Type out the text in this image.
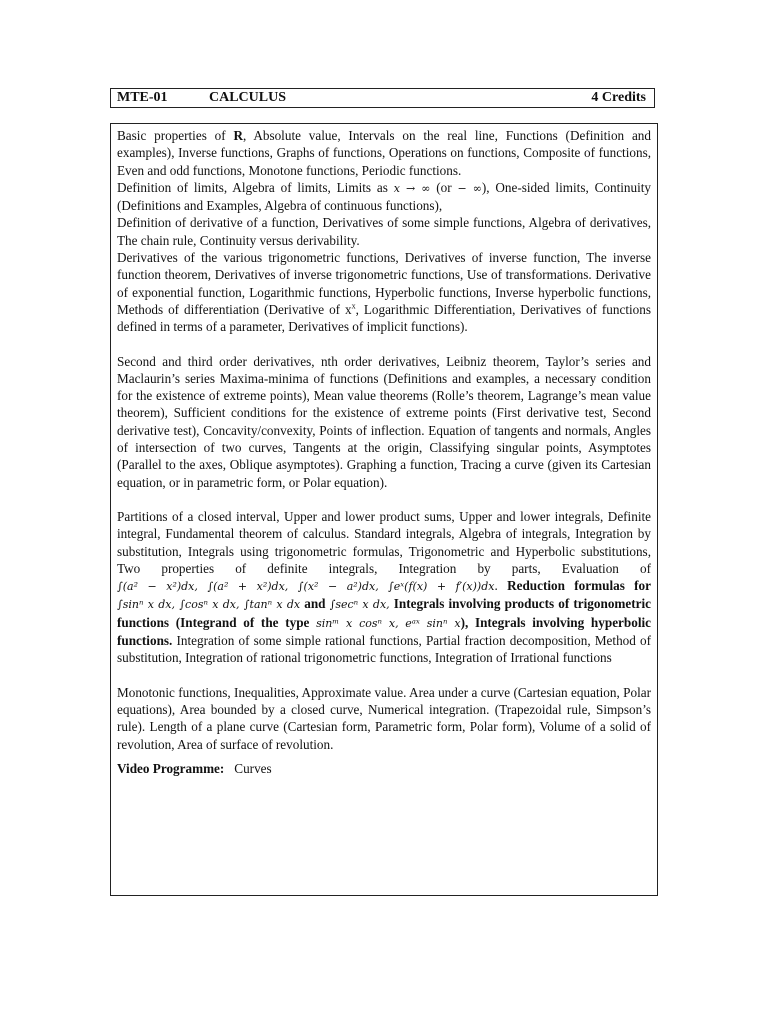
MTE-01	CALCULUS	4 Credits

Basic properties of R, Absolute value, Intervals on the real line, Functions (Definition and examples), Inverse functions, Graphs of functions, Operations on functions, Composite of functions, Even and odd functions, Monotone functions, Periodic functions.

Definition of limits, Algebra of limits, Limits as x → ∞ (or − ∞), One-sided limits, Continuity (Definitions and Examples, Algebra of continuous functions),

Definition of derivative of a function, Derivatives of some simple functions, Algebra of derivatives, The chain rule, Continuity versus derivability.

Derivatives of the various trigonometric functions, Derivatives of inverse function, The inverse function theorem, Derivatives of inverse trigonometric functions, Use of transformations. Derivative of exponential function, Logarithmic functions, Hyperbolic functions, Inverse hyperbolic functions, Methods of differentiation (Derivative of $x^x$, Logarithmic Differentiation, Derivatives of functions defined in terms of a parameter, Derivatives of implicit functions).

Second and third order derivatives, nth order derivatives, Leibniz theorem, Taylor’s series and Maclaurin’s series Maxima-minima of functions (Definitions and examples, a necessary condition for the existence of extreme points), Mean value theorems (Rolle’s theorem, Lagrange’s mean value theorem), Sufficient conditions for the existence of extreme points (First derivative test, Second derivative test), Concavity/convexity, Points of inflection. Equation of tangents and normals, Angles of intersection of two curves, Tangents at the origin, Classifying singular points, Asymptotes (Parallel to the axes, Oblique asymptotes). Graphing a function, Tracing a curve (given its Cartesian equation, or in parametric form, or Polar equation).

Partitions of a closed interval, Upper and lower product sums, Upper and lower integrals, Definite integral, Fundamental theorem of calculus. Standard integrals, Algebra of integrals, Integration by substitution, Integrals using trigonometric formulas, Trigonometric and Hyperbolic substitutions, Two properties of definite integrals, Integration by parts, Evaluation of ∫(a² − x²)dx, ∫(a² + x²)dx, ∫(x² − a²)dx, ∫eˣ(f(x) + f′(x))dx. Reduction formulas for ∫sinⁿ x dx, ∫cosⁿ x dx, ∫tanⁿ x dx and ∫secⁿ x dx, Integrals involving products of trigonometric functions (Integrand of the type sinᵐ x cosⁿ x, eᵃˣ sinⁿ x), Integrals involving hyperbolic functions. Integration of some simple rational functions, Partial fraction decomposition, Method of substitution, Integration of rational trigonometric functions, Integration of Irrational functions

Monotonic functions, Inequalities, Approximate value. Area under a curve (Cartesian equation, Polar equations), Area bounded by a closed curve, Numerical integration. (Trapezoidal rule, Simpson’s rule). Length of a plane curve (Cartesian form, Parametric form, Polar form), Volume of a solid of revolution, Area of surface of revolution.

Video Programme: Curves
